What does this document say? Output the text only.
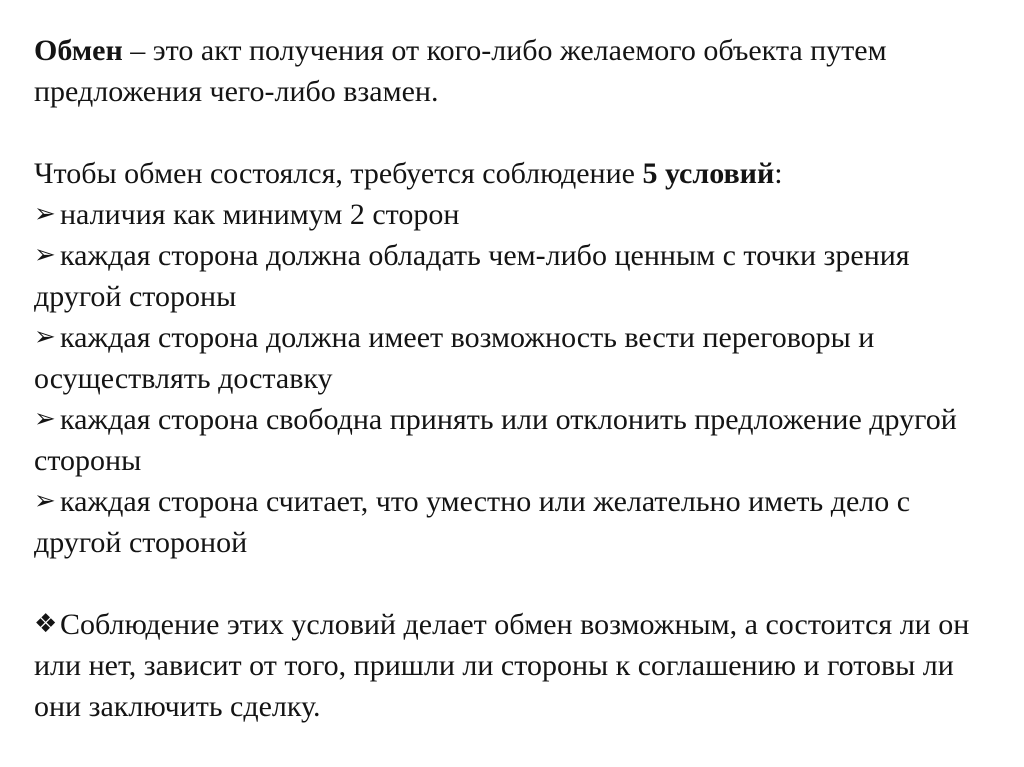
Обмен – это акт получения от кого-либо желаемого объекта путем предложения чего-либо взамен.

Чтобы обмен состоялся, требуется соблюдение 5 условий:

➢ наличия как минимум 2 сторон

➢ каждая сторона должна обладать чем-либо ценным с точки зрения другой стороны

➢ каждая сторона должна имеет возможность вести переговоры и осуществлять доставку

➢ каждая сторона свободна принять или отклонить предложение другой стороны

➢ каждая сторона считает, что уместно или желательно иметь дело с другой стороной

❖Соблюдение этих условий делает обмен возможным, а состоится ли он или нет, зависит от того, пришли ли стороны к соглашению и готовы ли они заключить сделку.
